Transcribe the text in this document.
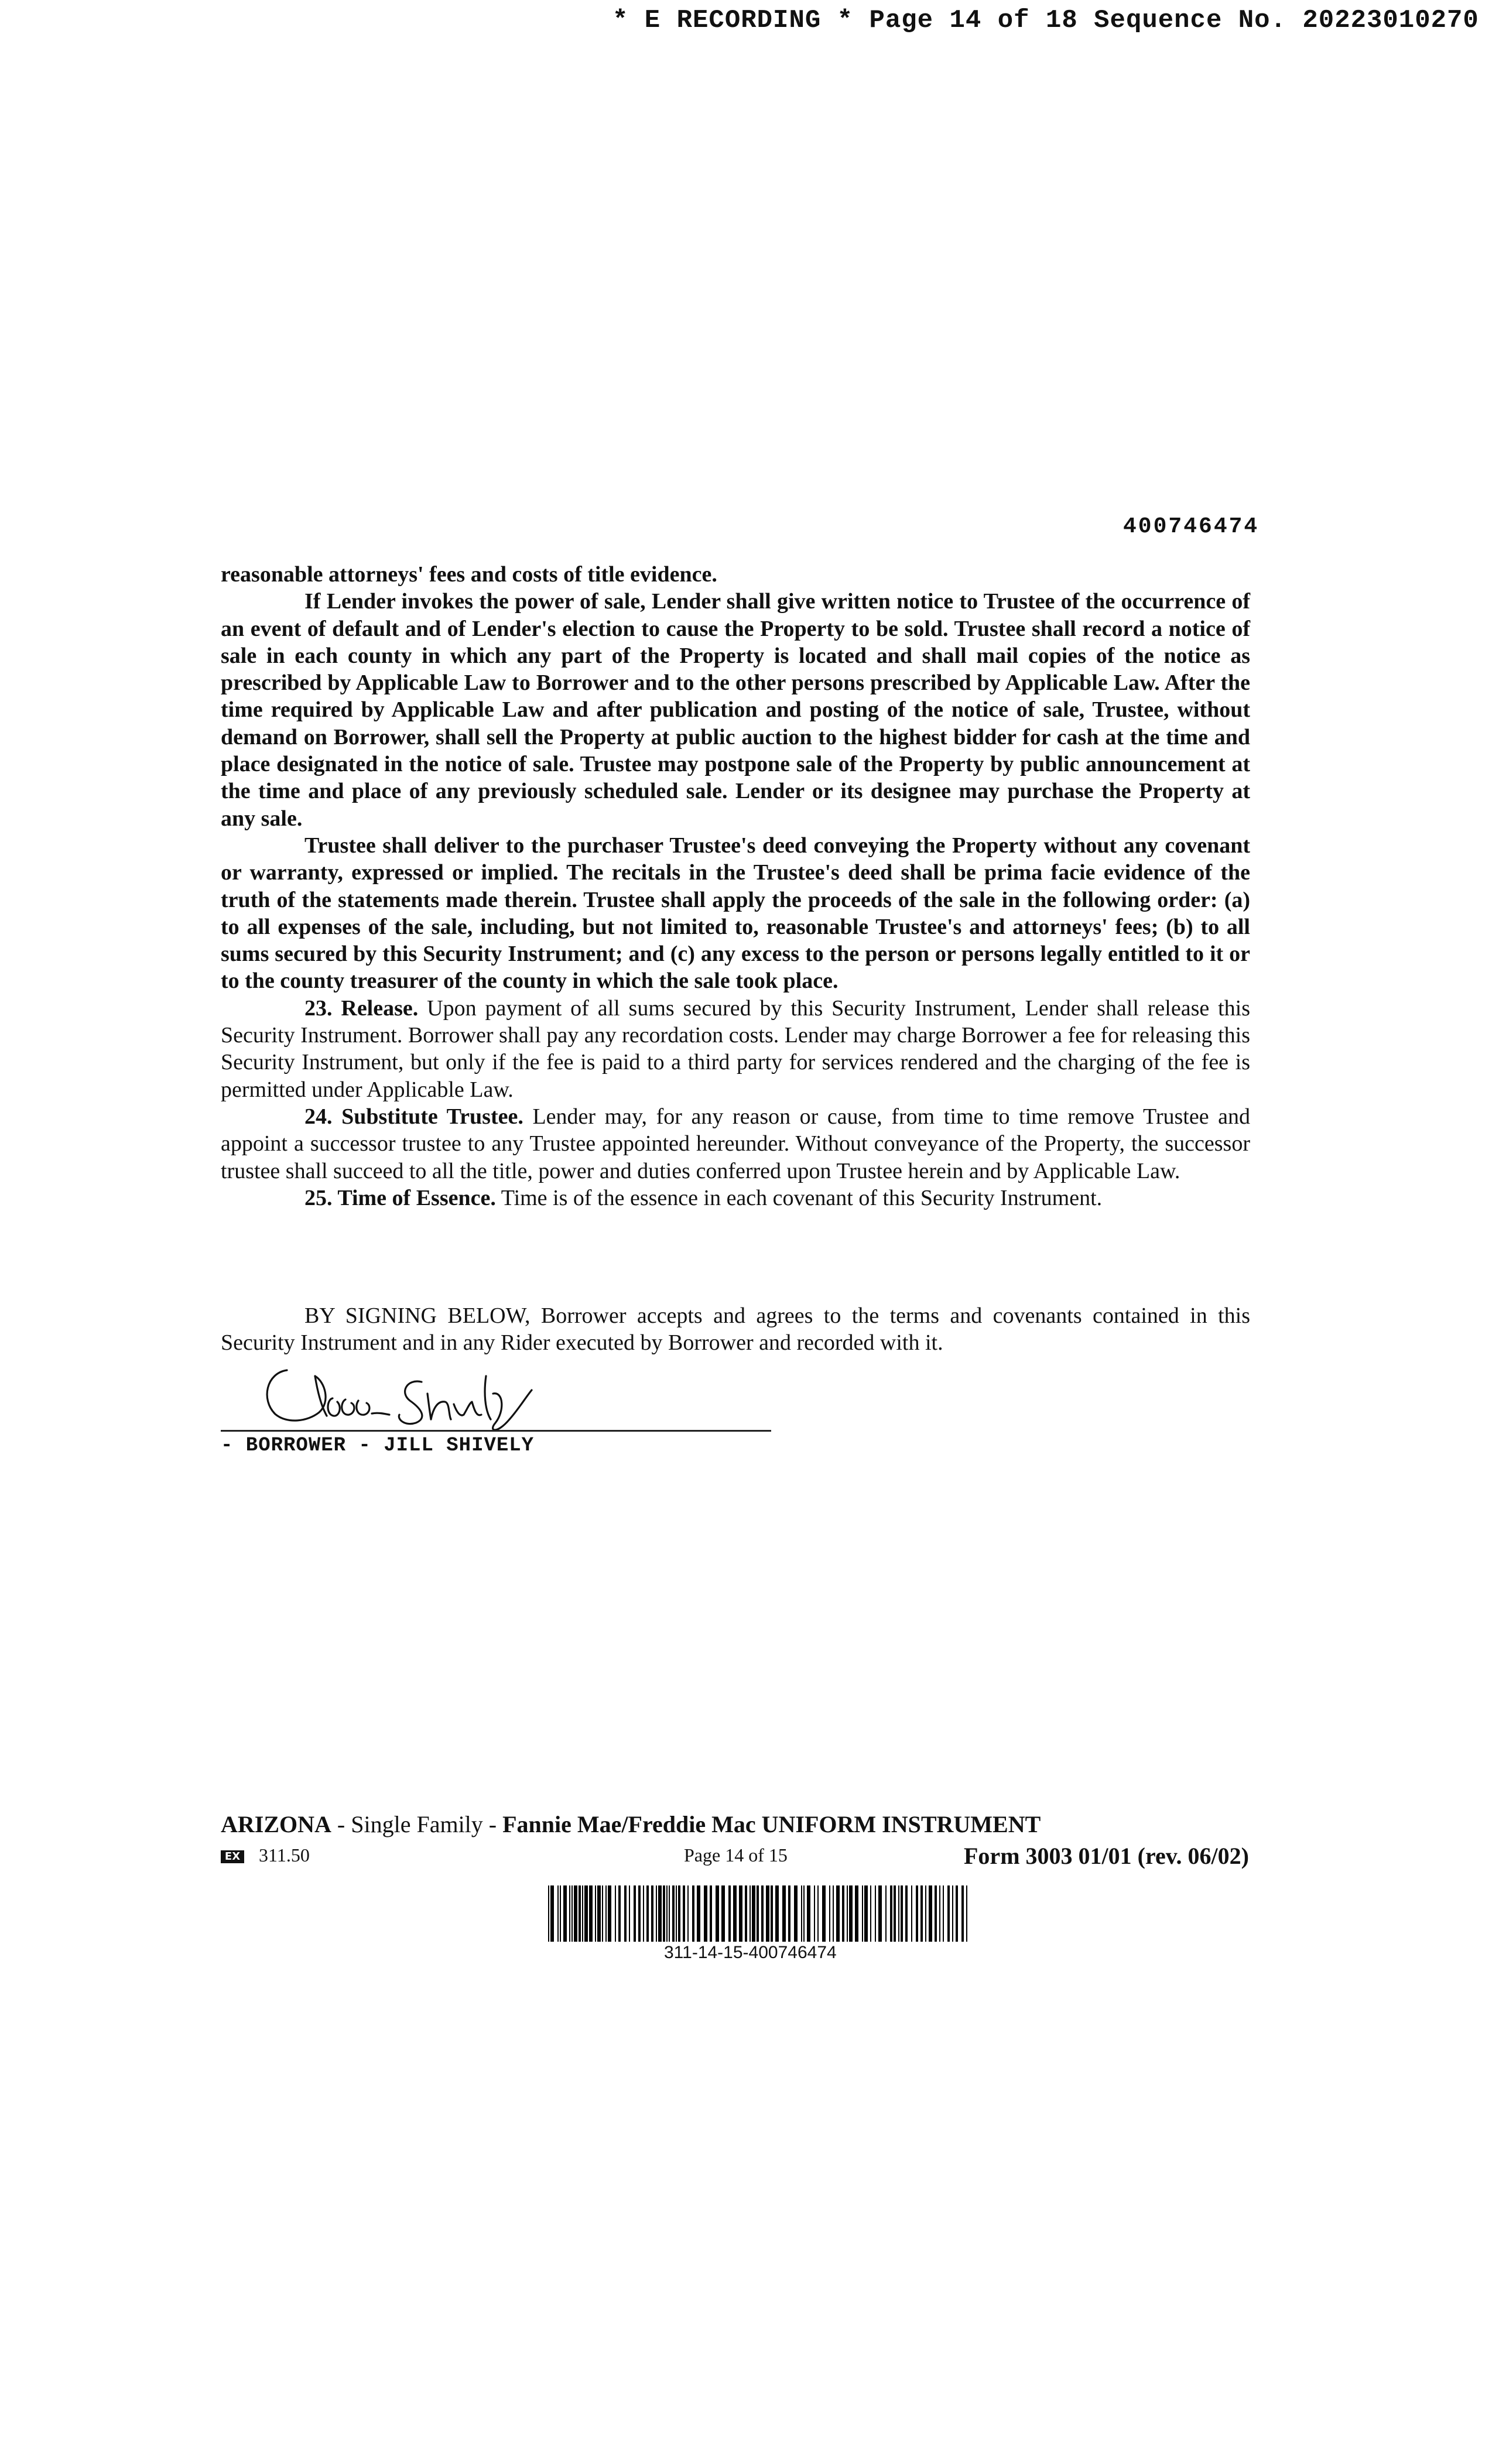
* E RECORDING * Page 14 of 18 Sequence No. 20223010270
400746474

reasonable attorneys' fees and costs of title evidence.

If Lender invokes the power of sale, Lender shall give written notice to Trustee of the occurrence of an event of default and of Lender's election to cause the Property to be sold. Trustee shall record a notice of sale in each county in which any part of the Property is located and shall mail copies of the notice as prescribed by Applicable Law to Borrower and to the other persons prescribed by Applicable Law. After the time required by Applicable Law and after publication and posting of the notice of sale, Trustee, without demand on Borrower, shall sell the Property at public auction to the highest bidder for cash at the time and place designated in the notice of sale. Trustee may postpone sale of the Property by public announcement at the time and place of any previously scheduled sale. Lender or its designee may purchase the Property at any sale.

Trustee shall deliver to the purchaser Trustee's deed conveying the Property without any covenant or warranty, expressed or implied. The recitals in the Trustee's deed shall be prima facie evidence of the truth of the statements made therein. Trustee shall apply the proceeds of the sale in the following order: (a) to all expenses of the sale, including, but not limited to, reasonable Trustee's and attorneys' fees; (b) to all sums secured by this Security Instrument; and (c) any excess to the person or persons legally entitled to it or to the county treasurer of the county in which the sale took place.

23. Release. Upon payment of all sums secured by this Security Instrument, Lender shall release this Security Instrument. Borrower shall pay any recordation costs. Lender may charge Borrower a fee for releasing this Security Instrument, but only if the fee is paid to a third party for services rendered and the charging of the fee is permitted under Applicable Law.

24. Substitute Trustee. Lender may, for any reason or cause, from time to time remove Trustee and appoint a successor trustee to any Trustee appointed hereunder. Without conveyance of the Property, the successor trustee shall succeed to all the title, power and duties conferred upon Trustee herein and by Applicable Law.

25. Time of Essence. Time is of the essence in each covenant of this Security Instrument.

BY SIGNING BELOW, Borrower accepts and agrees to the terms and covenants contained in this Security Instrument and in any Rider executed by Borrower and recorded with it.

- BORROWER - JILL SHIVELY
ARIZONA - Single Family - Fannie Mae/Freddie Mac UNIFORM INSTRUMENT
EX 311.50	Page 14 of 15	Form 3003 01/01 (rev. 06/02)
311-14-15-400746474
